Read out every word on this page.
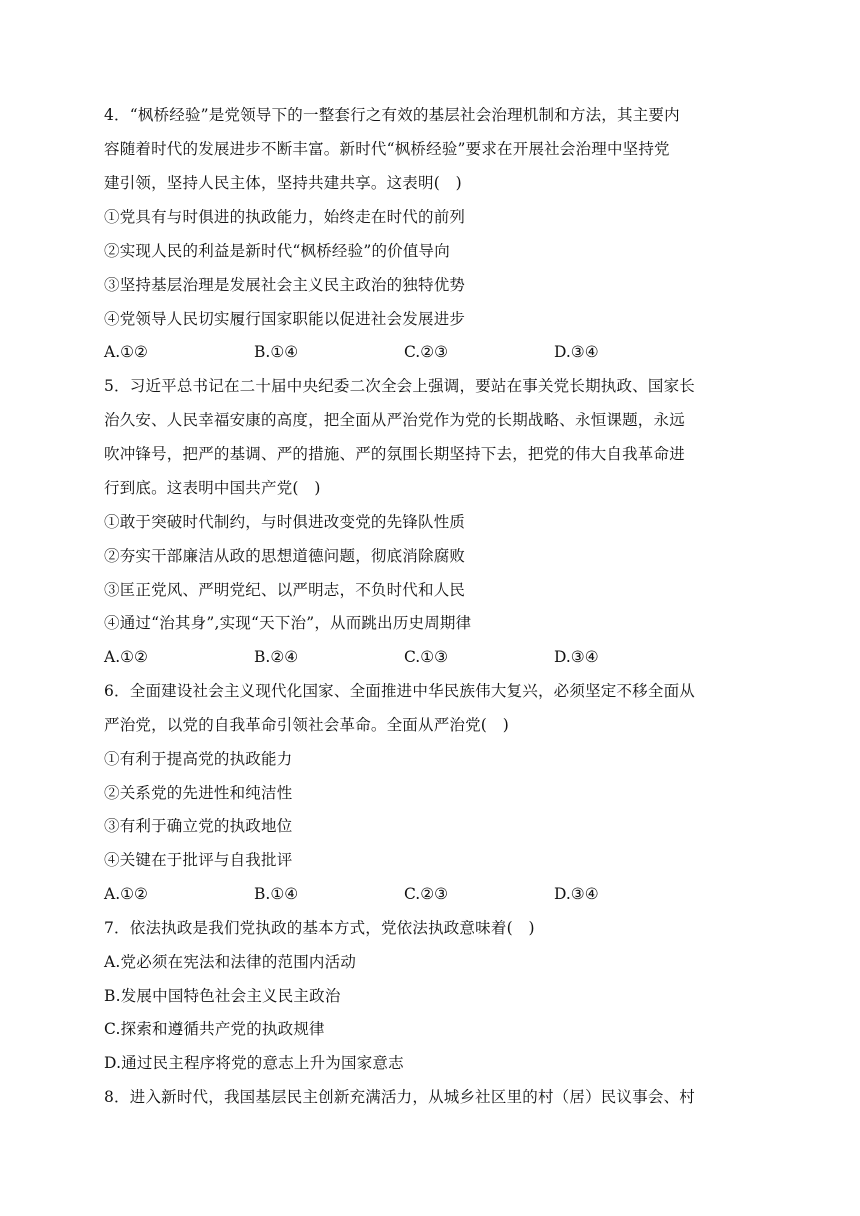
4．“枫桥经验”是党领导下的一整套行之有效的基层社会治理机制和方法，其主要内
容随着时代的发展进步不断丰富。新时代“枫桥经验”要求在开展社会治理中坚持党
建引领，坚持人民主体，坚持共建共享。这表明(　)
①党具有与时俱进的执政能力，始终走在时代的前列
②实现人民的利益是新时代“枫桥经验”的价值导向
③坚持基层治理是发展社会主义民主政治的独特优势
④党领导人民切实履行国家职能以促进社会发展进步
A.①②	B.①④	C.②③	D.③④
5．习近平总书记在二十届中央纪委二次全会上强调，要站在事关党长期执政、国家长
治久安、人民幸福安康的高度，把全面从严治党作为党的长期战略、永恒课题，永远
吹冲锋号，把严的基调、严的措施、严的氛围长期坚持下去，把党的伟大自我革命进
行到底。这表明中国共产党(　)
①敢于突破时代制约，与时俱进改变党的先锋队性质
②夯实干部廉洁从政的思想道德问题，彻底消除腐败
③匡正党风、严明党纪、以严明志，不负时代和人民
④通过“治其身”,实现“天下治”，从而跳出历史周期律
A.①②	B.②④	C.①③	D.③④
6．全面建设社会主义现代化国家、全面推进中华民族伟大复兴，必须坚定不移全面从
严治党，以党的自我革命引领社会革命。全面从严治党(　)
①有利于提高党的执政能力
②关系党的先进性和纯洁性
③有利于确立党的执政地位
④关键在于批评与自我批评
A.①②	B.①④	C.②③	D.③④
7．依法执政是我们党执政的基本方式，党依法执政意味着(　)
A.党必须在宪法和法律的范围内活动
B.发展中国特色社会主义民主政治
C.探索和遵循共产党的执政规律
D.通过民主程序将党的意志上升为国家意志
8．进入新时代，我国基层民主创新充满活力，从城乡社区里的村（居）民议事会、村
